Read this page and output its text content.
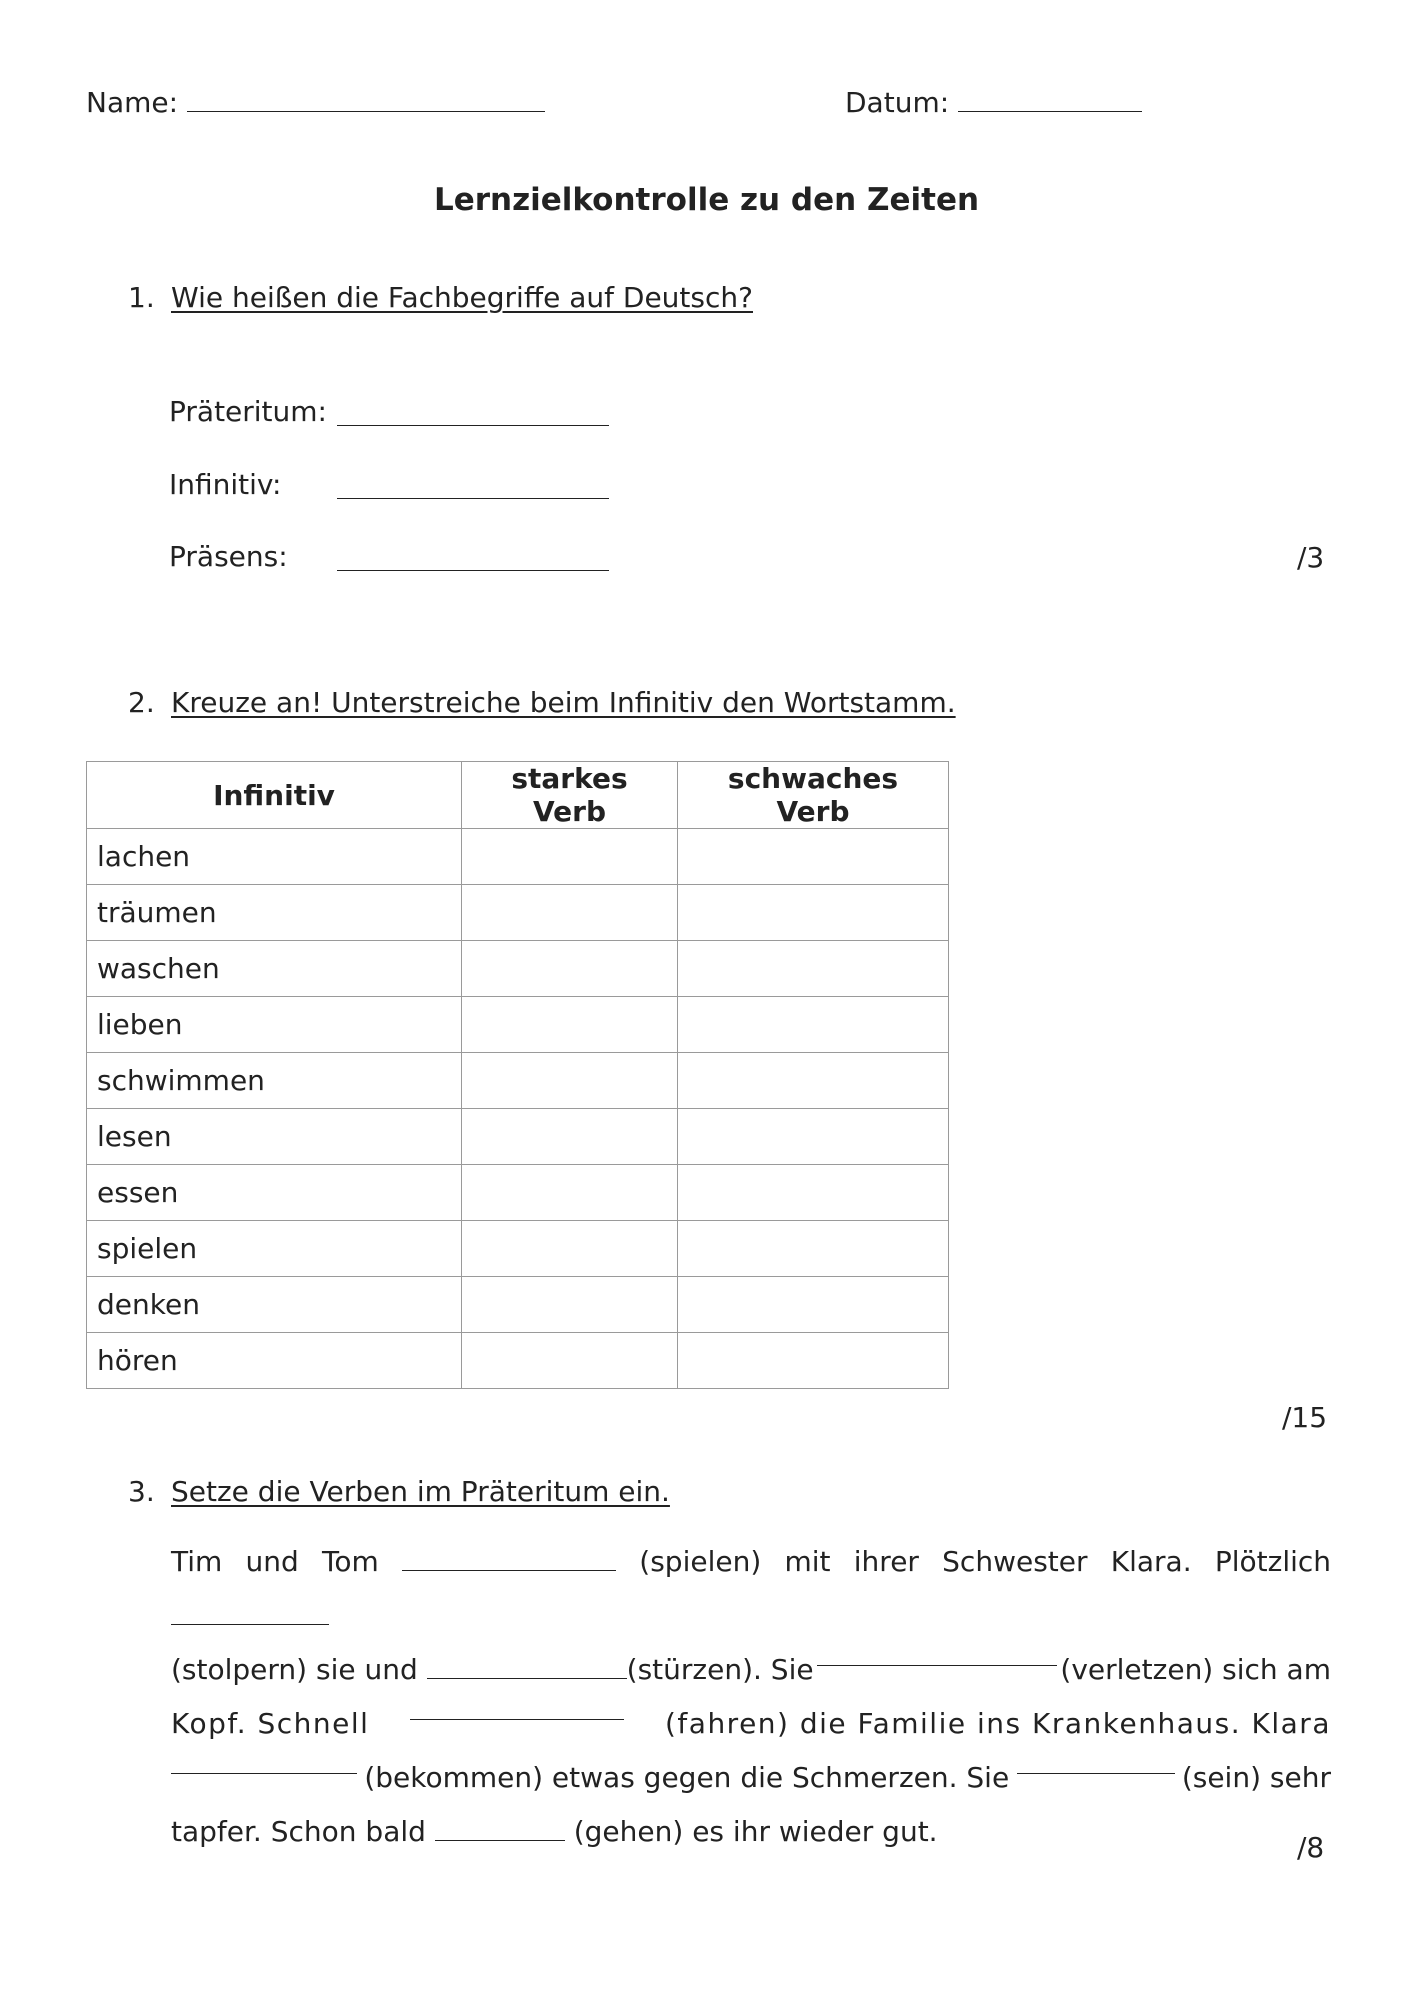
Name:	Datum:
Lernzielkontrolle zu den Zeiten
1. Wie heißen die Fachbegriffe auf Deutsch?
Präteritum:
Infinitiv:
Präsens:	/3
2. Kreuze an! Unterstreiche beim Infinitiv den Wortstamm.
Infinitiv	starkes Verb	schwaches Verb
lachen		
träumen		
waschen		
lieben		
schwimmen		
lesen		
essen		
spielen		
denken		
hören		
/15
3. Setze die Verben im Präteritum ein.
Tim und Tom	(spielen) mit ihrer Schwester Klara. Plötzlich
(stolpern) sie und	(stürzen). Sie	(verletzen) sich am
Kopf. Schnell	(fahren) die Familie ins Krankenhaus. Klara
(bekommen) etwas gegen die Schmerzen. Sie	(sein) sehr
tapfer. Schon bald	(gehen) es ihr wieder gut.	/8
